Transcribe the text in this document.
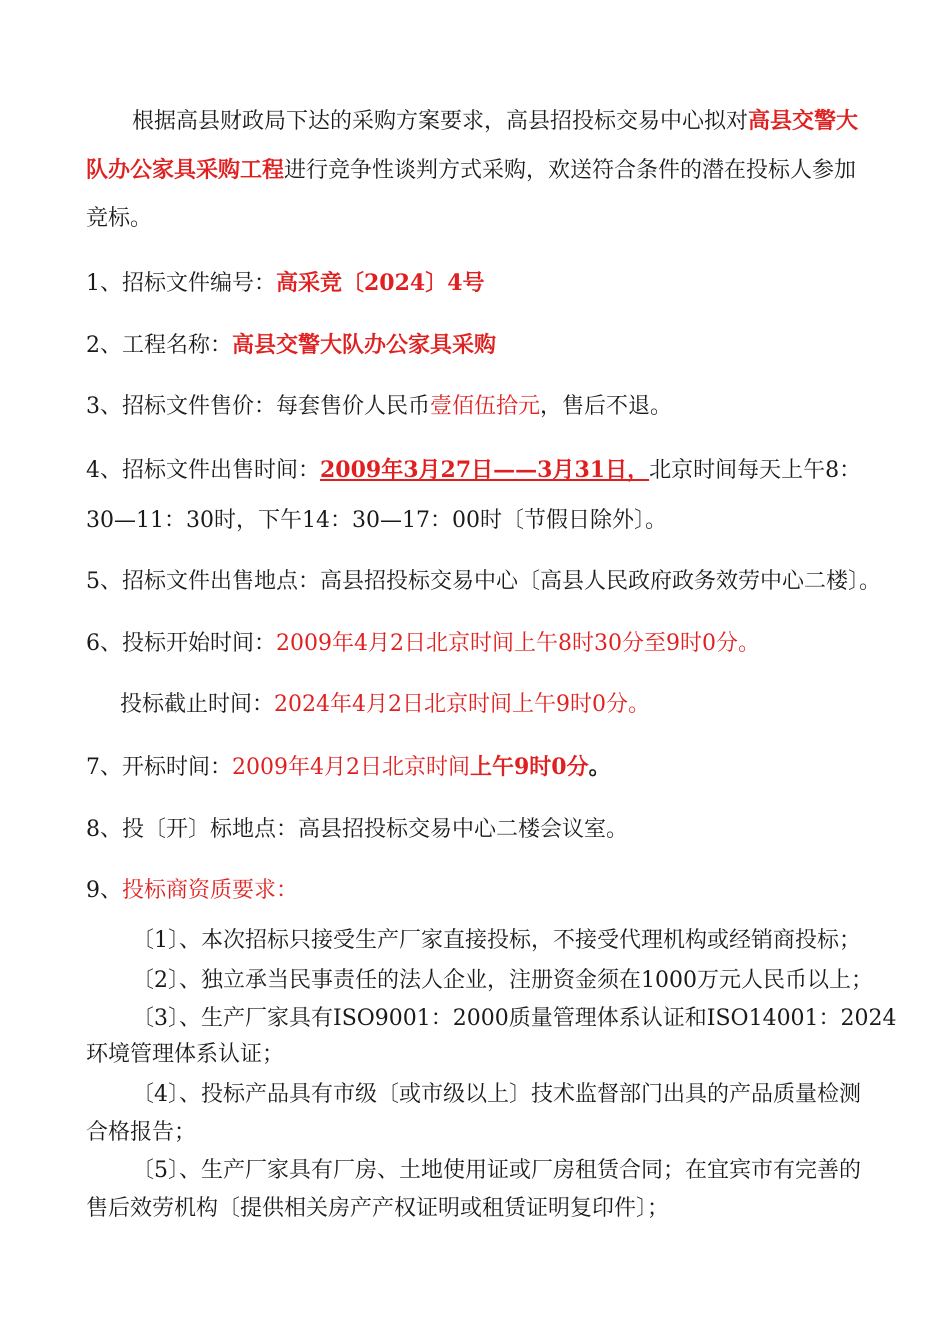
根据高县财政局下达的采购方案要求，高县招投标交易中心拟对高县交警大
队办公家具采购工程进行竞争性谈判方式采购，欢送符合条件的潜在投标人参加
竞标。
1、招标文件编号：高采竞〔2024〕4号
2、工程名称：高县交警大队办公家具采购
3、招标文件售价：每套售价人民币壹佰伍拾元，售后不退。
4、招标文件出售时间：2009年3月27日——3月31日，北京时间每天上午8：
30—11：30时，下午14：30—17：00时〔节假日除外〕。
5、招标文件出售地点：高县招投标交易中心〔高县人民政府政务效劳中心二楼〕。
6、投标开始时间：2009年4月2日北京时间上午8时30分至9时0分。
投标截止时间：2024年4月2日北京时间上午9时0分。
7、开标时间：2009年4月2日北京时间上午9时0分。
8、投〔开〕标地点：高县招投标交易中心二楼会议室。
9、投标商资质要求：
〔1〕、本次招标只接受生产厂家直接投标，不接受代理机构或经销商投标；
〔2〕、独立承当民事责任的法人企业，注册资金须在1000万元人民币以上；
〔3〕、生产厂家具有ISO9001：2000质量管理体系认证和ISO14001：2024
环境管理体系认证；
〔4〕、投标产品具有市级〔或市级以上〕技术监督部门出具的产品质量检测
合格报告；
〔5〕、生产厂家具有厂房、土地使用证或厂房租赁合同；在宜宾市有完善的
售后效劳机构〔提供相关房产产权证明或租赁证明复印件〕；
